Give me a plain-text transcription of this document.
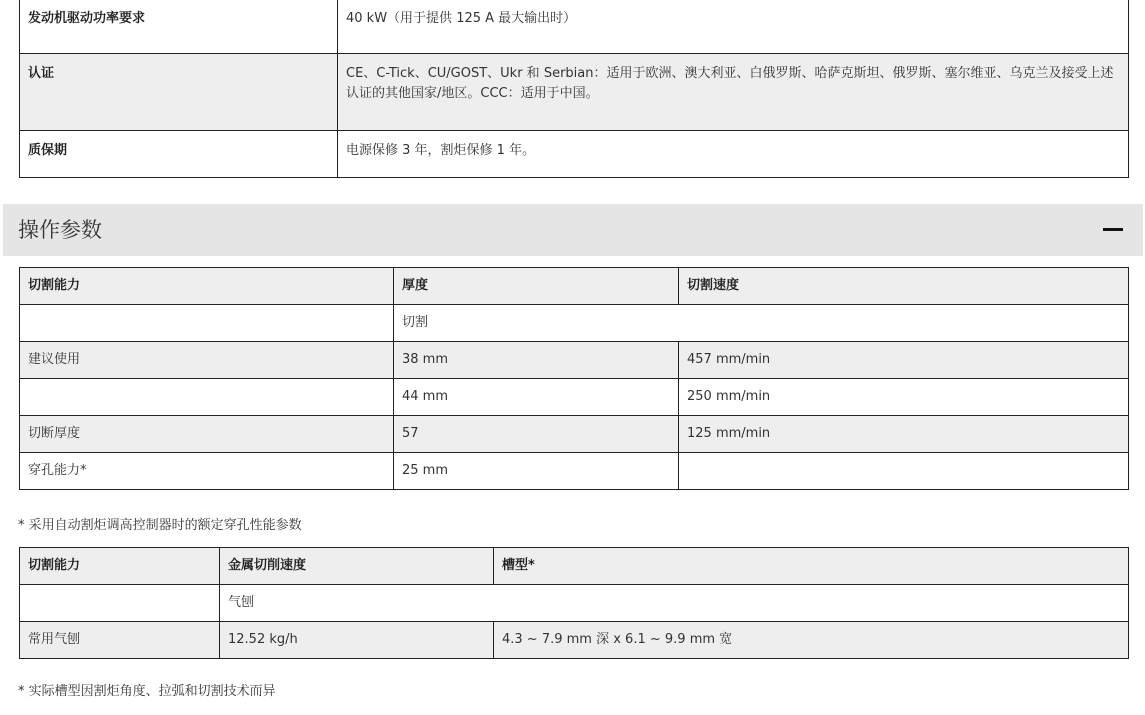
发动机驱动功率要求	40 kW（用于提供 125 A 最大输出时）
认证	CE、C-Tick、CU/GOST、Ukr 和 Serbian：适用于欧洲、澳大利亚、白俄罗斯、哈萨克斯坦、俄罗斯、塞尔维亚、乌克兰及接受上述认证的其他国家/地区。CCC：适用于中国。
质保期	电源保修 3 年，割炬保修 1 年。
操作参数
切割能力	厚度	切割速度
	切割	
建议使用	38 mm	457 mm/min
	44 mm	250 mm/min
切断厚度	57	125 mm/min
穿孔能力*	25 mm	
* 采用自动割炬调高控制器时的额定穿孔性能参数
切割能力	金属切削速度	槽型*
	气刨	
常用气刨	12.52 kg/h	4.3 ~ 7.9 mm 深 x 6.1 ~ 9.9 mm 宽
* 实际槽型因割炬角度、拉弧和切割技术而异
